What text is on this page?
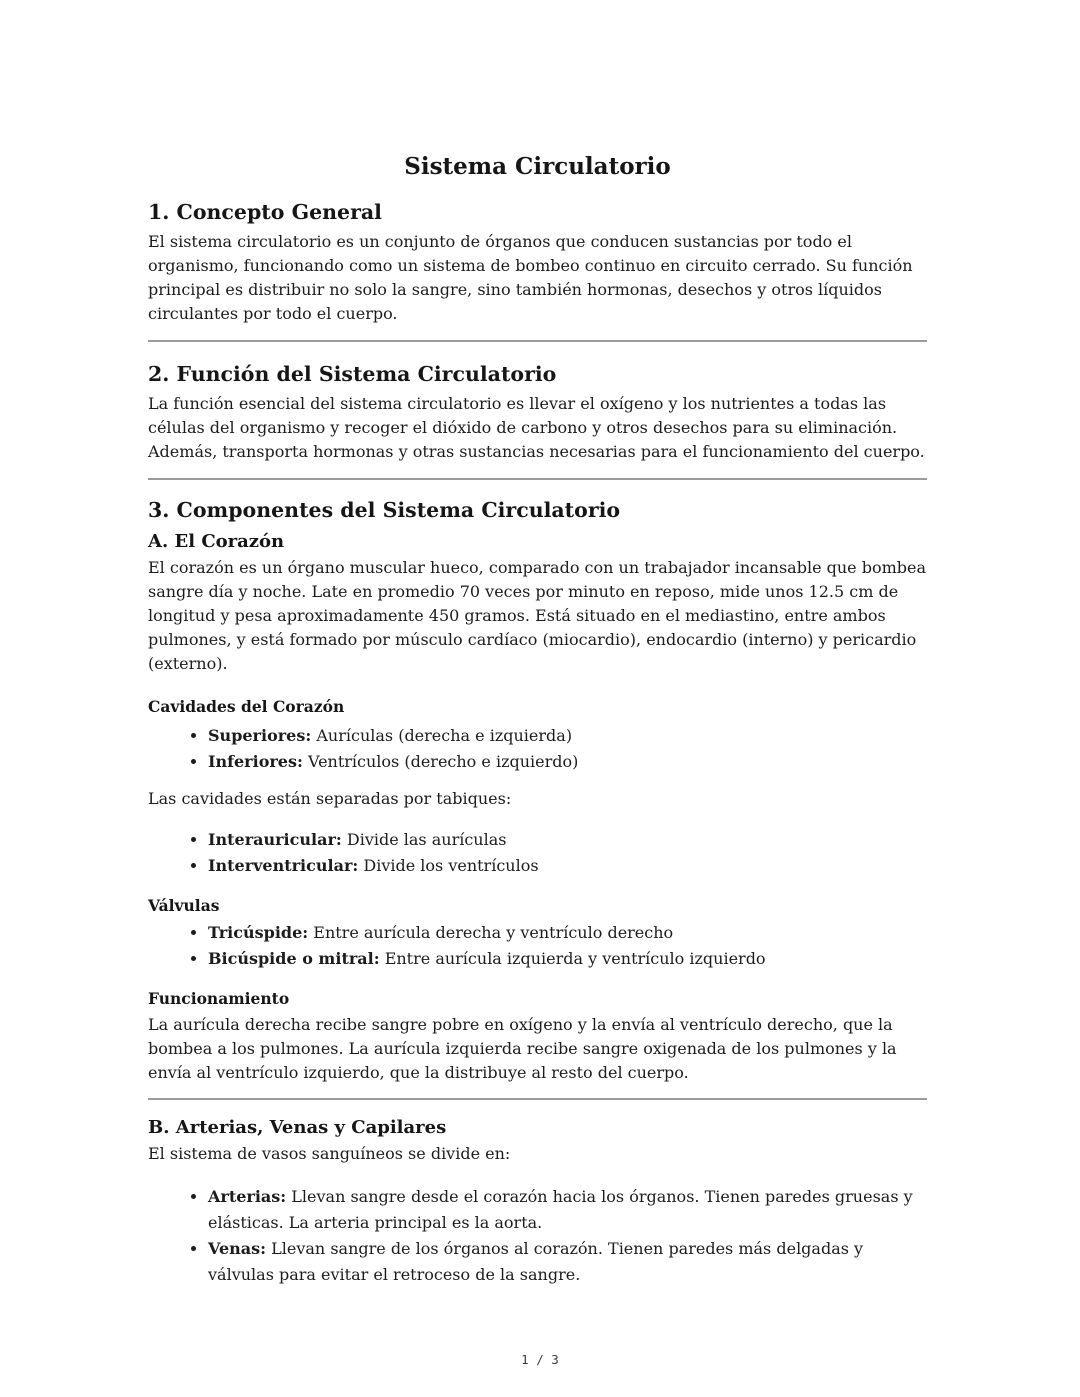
Sistema Circulatorio
1. Concepto General

El sistema circulatorio es un conjunto de órganos que conducen sustancias por todo el organismo, funcionando como un sistema de bombeo continuo en circuito cerrado. Su función principal es distribuir no solo la sangre, sino también hormonas, desechos y otros líquidos circulantes por todo el cuerpo.

2. Función del Sistema Circulatorio

La función esencial del sistema circulatorio es llevar el oxígeno y los nutrientes a todas las células del organismo y recoger el dióxido de carbono y otros desechos para su eliminación. Además, transporta hormonas y otras sustancias necesarias para el funcionamiento del cuerpo.

3. Componentes del Sistema Circulatorio
A. El Corazón

El corazón es un órgano muscular hueco, comparado con un trabajador incansable que bombea sangre día y noche. Late en promedio 70 veces por minuto en reposo, mide unos 12.5 cm de longitud y pesa aproximadamente 450 gramos. Está situado en el mediastino, entre ambos pulmones, y está formado por músculo cardíaco (miocardio), endocardio (interno) y pericardio (externo).

Cavidades del Corazón
• Superiores: Aurículas (derecha e izquierda)
• Inferiores: Ventrículos (derecho e izquierdo)

Las cavidades están separadas por tabiques:

• Interauricular: Divide las aurículas
• Interventricular: Divide los ventrículos
Válvulas
• Tricúspide: Entre aurícula derecha y ventrículo derecho
• Bicúspide o mitral: Entre aurícula izquierda y ventrículo izquierdo
Funcionamiento

La aurícula derecha recibe sangre pobre en oxígeno y la envía al ventrículo derecho, que la bombea a los pulmones. La aurícula izquierda recibe sangre oxigenada de los pulmones y la envía al ventrículo izquierdo, que la distribuye al resto del cuerpo.

B. Arterias, Venas y Capilares

El sistema de vasos sanguíneos se divide en:

• Arterias: Llevan sangre desde el corazón hacia los órganos. Tienen paredes gruesas y elásticas. La arteria principal es la aorta.
• Venas: Llevan sangre de los órganos al corazón. Tienen paredes más delgadas y válvulas para evitar el retroceso de la sangre.
1 / 3
